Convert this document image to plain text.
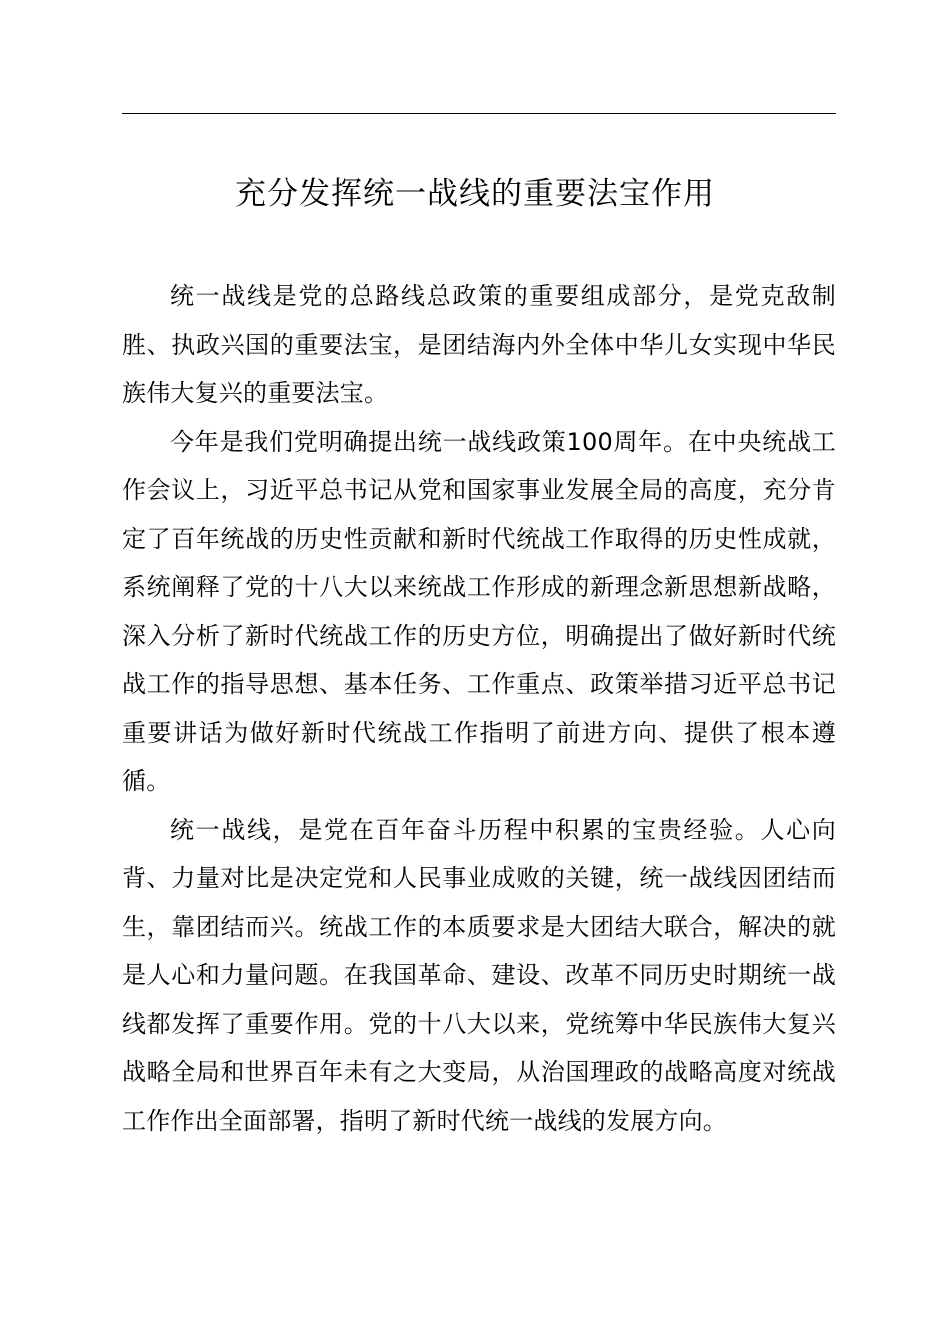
充分发挥统一战线的重要法宝作用

统一战线是党的总路线总政策的重要组成部分，是党克敌制胜、执政兴国的重要法宝，是团结海内外全体中华儿女实现中华民族伟大复兴的重要法宝。

今年是我们党明确提出统一战线政策100周年。在中央统战工作会议上，习近平总书记从党和国家事业发展全局的高度，充分肯定了百年统战的历史性贡献和新时代统战工作取得的历史性成就，系统阐释了党的十八大以来统战工作形成的新理念新思想新战略，深入分析了新时代统战工作的历史方位，明确提出了做好新时代统战工作的指导思想、基本任务、工作重点、政策举措习近平总书记重要讲话为做好新时代统战工作指明了前进方向、提供了根本遵循。

统一战线，是党在百年奋斗历程中积累的宝贵经验。人心向背、力量对比是决定党和人民事业成败的关键，统一战线因团结而生，靠团结而兴。统战工作的本质要求是大团结大联合，解决的就是人心和力量问题。在我国革命、建设、改革不同历史时期统一战线都发挥了重要作用。党的十八大以来，党统筹中华民族伟大复兴战略全局和世界百年未有之大变局，从治国理政的战略高度对统战工作作出全面部署，指明了新时代统一战线的发展方向。
